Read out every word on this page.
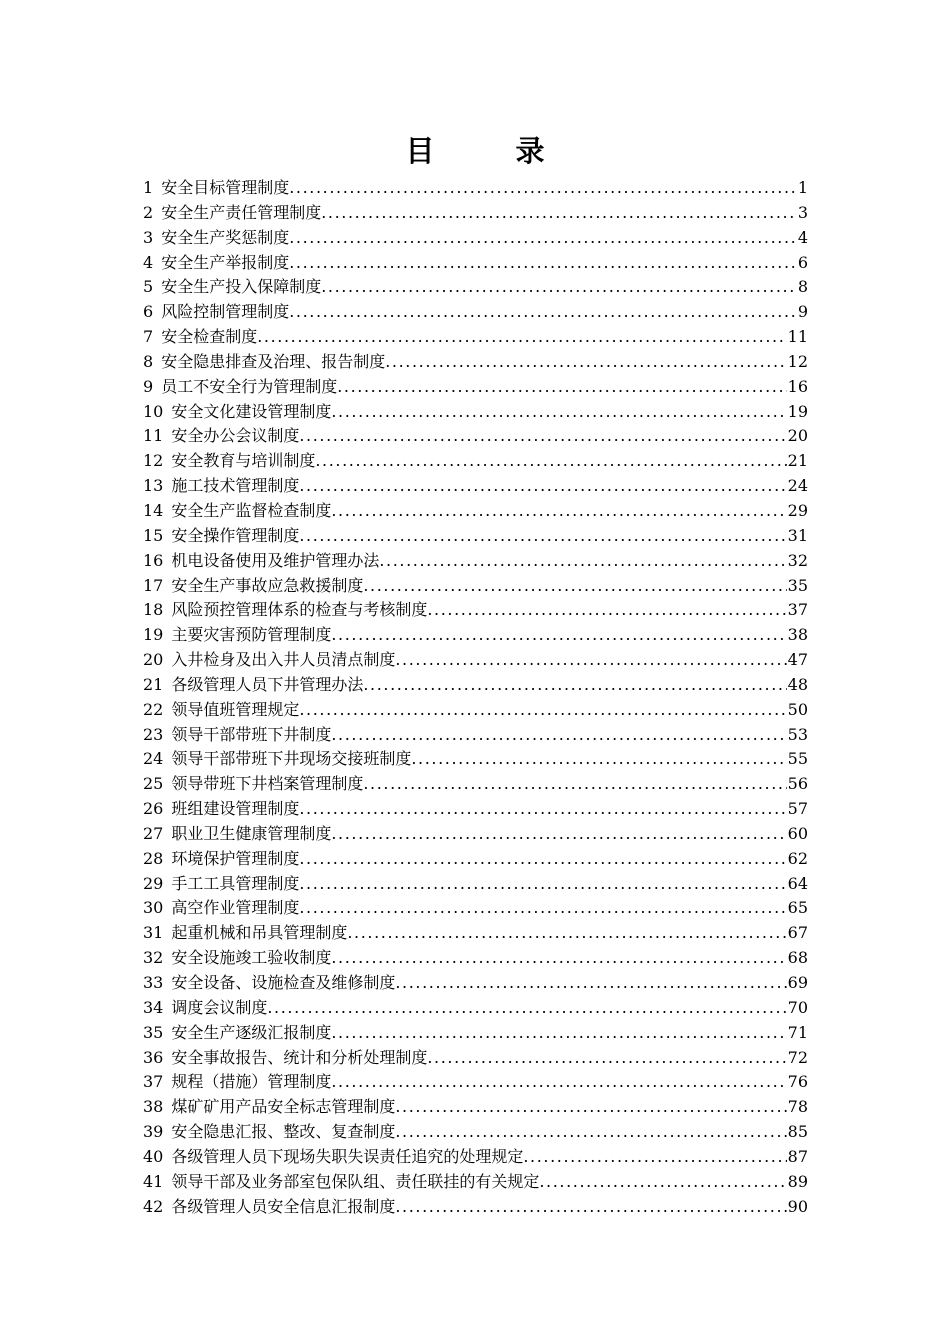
目　录
1 安全目标管理制度 .....	1
2 安全生产责任管理制度 .....	3
3 安全生产奖惩制度 .....	4
4 安全生产举报制度 .....	6
5 安全生产投入保障制度 .....	8
6 风险控制管理制度 .....	9
7 安全检查制度 .....	11
8 安全隐患排查及治理、报告制度 .....	12
9 员工不安全行为管理制度 .....	16
10 安全文化建设管理制度 .....	19
11 安全办公会议制度 .....	20
12 安全教育与培训制度 .....	21
13 施工技术管理制度 .....	24
14 安全生产监督检查制度 .....	29
15 安全操作管理制度 .....	31
16 机电设备使用及维护管理办法 .....	32
17 安全生产事故应急救援制度 .....	35
18 风险预控管理体系的检查与考核制度 .....	37
19 主要灾害预防管理制度 .....	38
20 入井检身及出入井人员清点制度 .....	47
21 各级管理人员下井管理办法 .....	48
22 领导值班管理规定 .....	50
23 领导干部带班下井制度 .....	53
24 领导干部带班下井现场交接班制度 .....	55
25 领导带班下井档案管理制度 .....	56
26 班组建设管理制度 .....	57
27 职业卫生健康管理制度 .....	60
28 环境保护管理制度 .....	62
29 手工工具管理制度 .....	64
30 高空作业管理制度 .....	65
31 起重机械和吊具管理制度 .....	67
32 安全设施竣工验收制度 .....	68
33 安全设备、设施检查及维修制度 .....	69
34 调度会议制度 .....	70
35 安全生产逐级汇报制度 .....	71
36 安全事故报告、统计和分析处理制度 .....	72
37 规程（措施）管理制度 .....	76
38 煤矿矿用产品安全标志管理制度 .....	78
39 安全隐患汇报、整改、复查制度 .....	85
40 各级管理人员下现场失职失误责任追究的处理规定 .....	87
41 领导干部及业务部室包保队组、责任联挂的有关规定 .....	89
42 各级管理人员安全信息汇报制度 .....	90
